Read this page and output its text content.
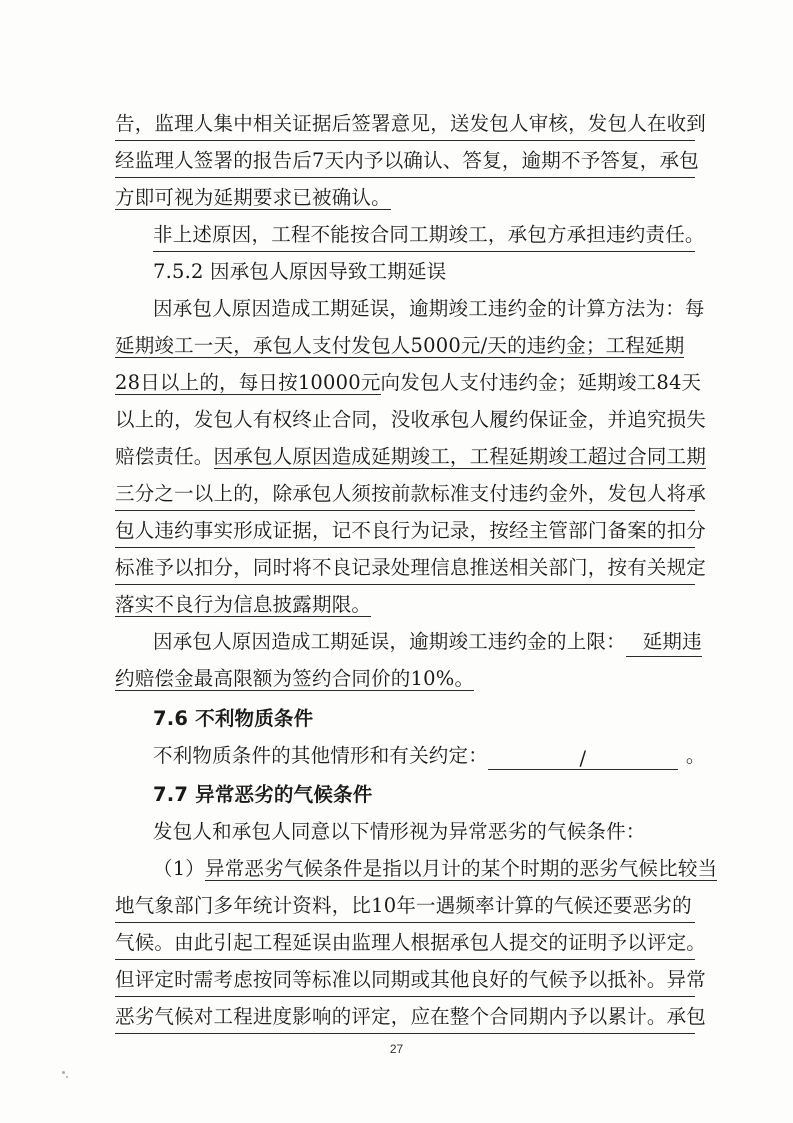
告，监理人集中相关证据后签署意见，送发包人审核，发包人在收到
经监理人签署的报告后7天内予以确认、答复，逾期不予答复，承包
方即可视为延期要求已被确认。
非上述原因，工程不能按合同工期竣工，承包方承担违约责任。
7.5.2 因承包人原因导致工期延误
因承包人原因造成工期延误，逾期竣工违约金的计算方法为：每
延期竣工一天，承包人支付发包人5000元/天的违约金；工程延期
28日以上的，每日按10000元向发包人支付违约金；延期竣工84天
以上的，发包人有权终止合同，没收承包人履约保证金，并追究损失
赔偿责任。因承包人原因造成延期竣工，工程延期竣工超过合同工期
三分之一以上的，除承包人须按前款标准支付违约金外，发包人将承
包人违约事实形成证据，记不良行为记录，按经主管部门备案的扣分
标准予以扣分，同时将不良记录处理信息推送相关部门，按有关规定
落实不良行为信息披露期限。
因承包人原因造成工期延误，逾期竣工违约金的上限： 延期违
约赔偿金最高限额为签约合同价的10%。
7.6 不利物质条件
不利物质条件的其他情形和有关约定：	/	。
7.7 异常恶劣的气候条件
发包人和承包人同意以下情形视为异常恶劣的气候条件：
（1）异常恶劣气候条件是指以月计的某个时期的恶劣气候比较当
地气象部门多年统计资料，比10年一遇频率计算的气候还要恶劣的
气候。由此引起工程延误由监理人根据承包人提交的证明予以评定。
但评定时需考虑按同等标准以同期或其他良好的气候予以抵补。异常
恶劣气候对工程进度影响的评定，应在整个合同期内予以累计。承包
27
